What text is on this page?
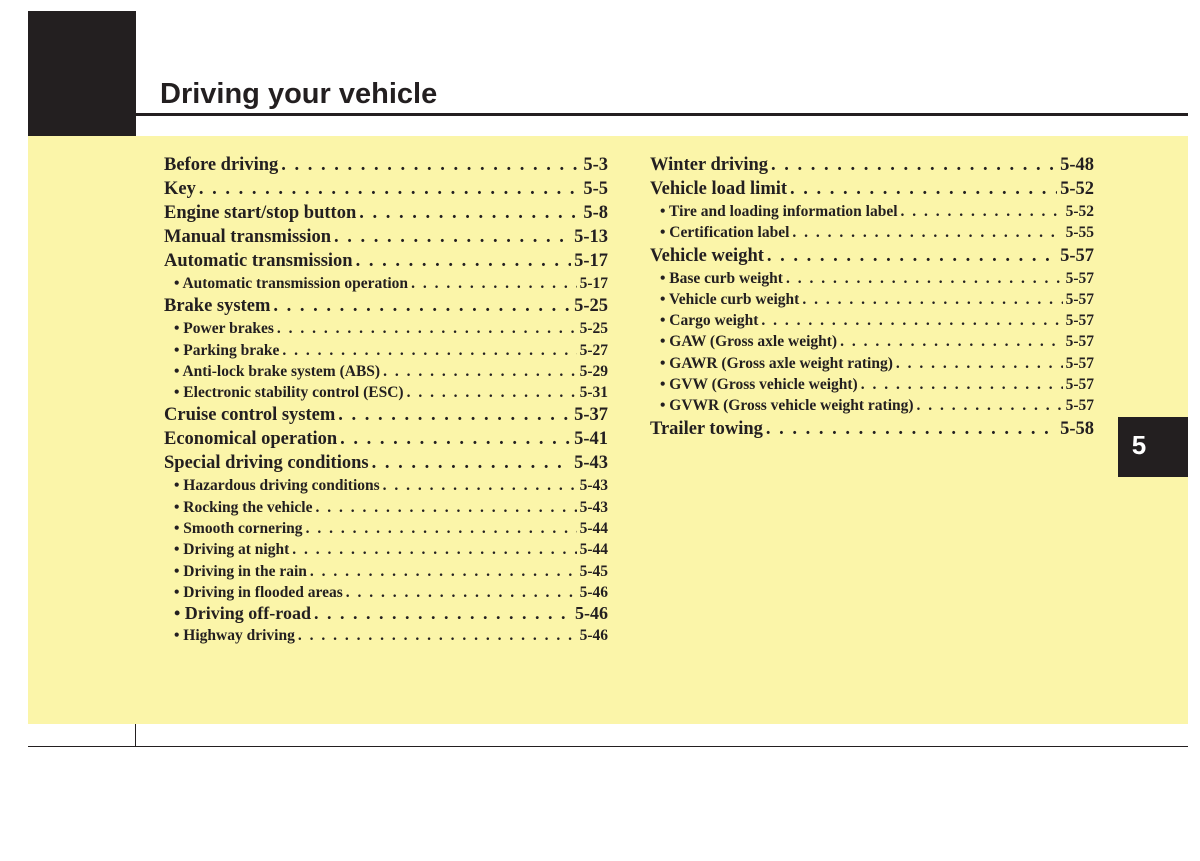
Driving your vehicle
5
Before driving . . .	5-3
Key . . .	5-5
Engine start/stop button . . .	5-8
Manual transmission . . .	5-13
Automatic transmission . . .	5-17
• Automatic transmission operation . . .	5-17
Brake system . . .	5-25
• Power brakes . . .	5-25
• Parking brake . . .	5-27
• Anti-lock brake system (ABS) . . .	5-29
• Electronic stability control (ESC) . . .	5-31
Cruise control system . . .	5-37
Economical operation . . .	5-41
Special driving conditions . . .	5-43
• Hazardous driving conditions . . .	5-43
• Rocking the vehicle . . .	5-43
• Smooth cornering . . .	5-44
• Driving at night . . .	5-44
• Driving in the rain . . .	5-45
• Driving in flooded areas . . .	5-46
• Driving off-road . . .	5-46
• Highway driving . . .	5-46
Winter driving . . .	5-48
Vehicle load limit . . .	5-52
• Tire and loading information label . . .	5-52
• Certification label . . .	5-55
Vehicle weight . . .	5-57
• Base curb weight . . .	5-57
• Vehicle curb weight . . .	5-57
• Cargo weight . . .	5-57
• GAW (Gross axle weight) . . .	5-57
• GAWR (Gross axle weight rating) . . .	5-57
• GVW (Gross vehicle weight) . . .	5-57
• GVWR (Gross vehicle weight rating) . . .	5-57
Trailer towing . . .	5-58
